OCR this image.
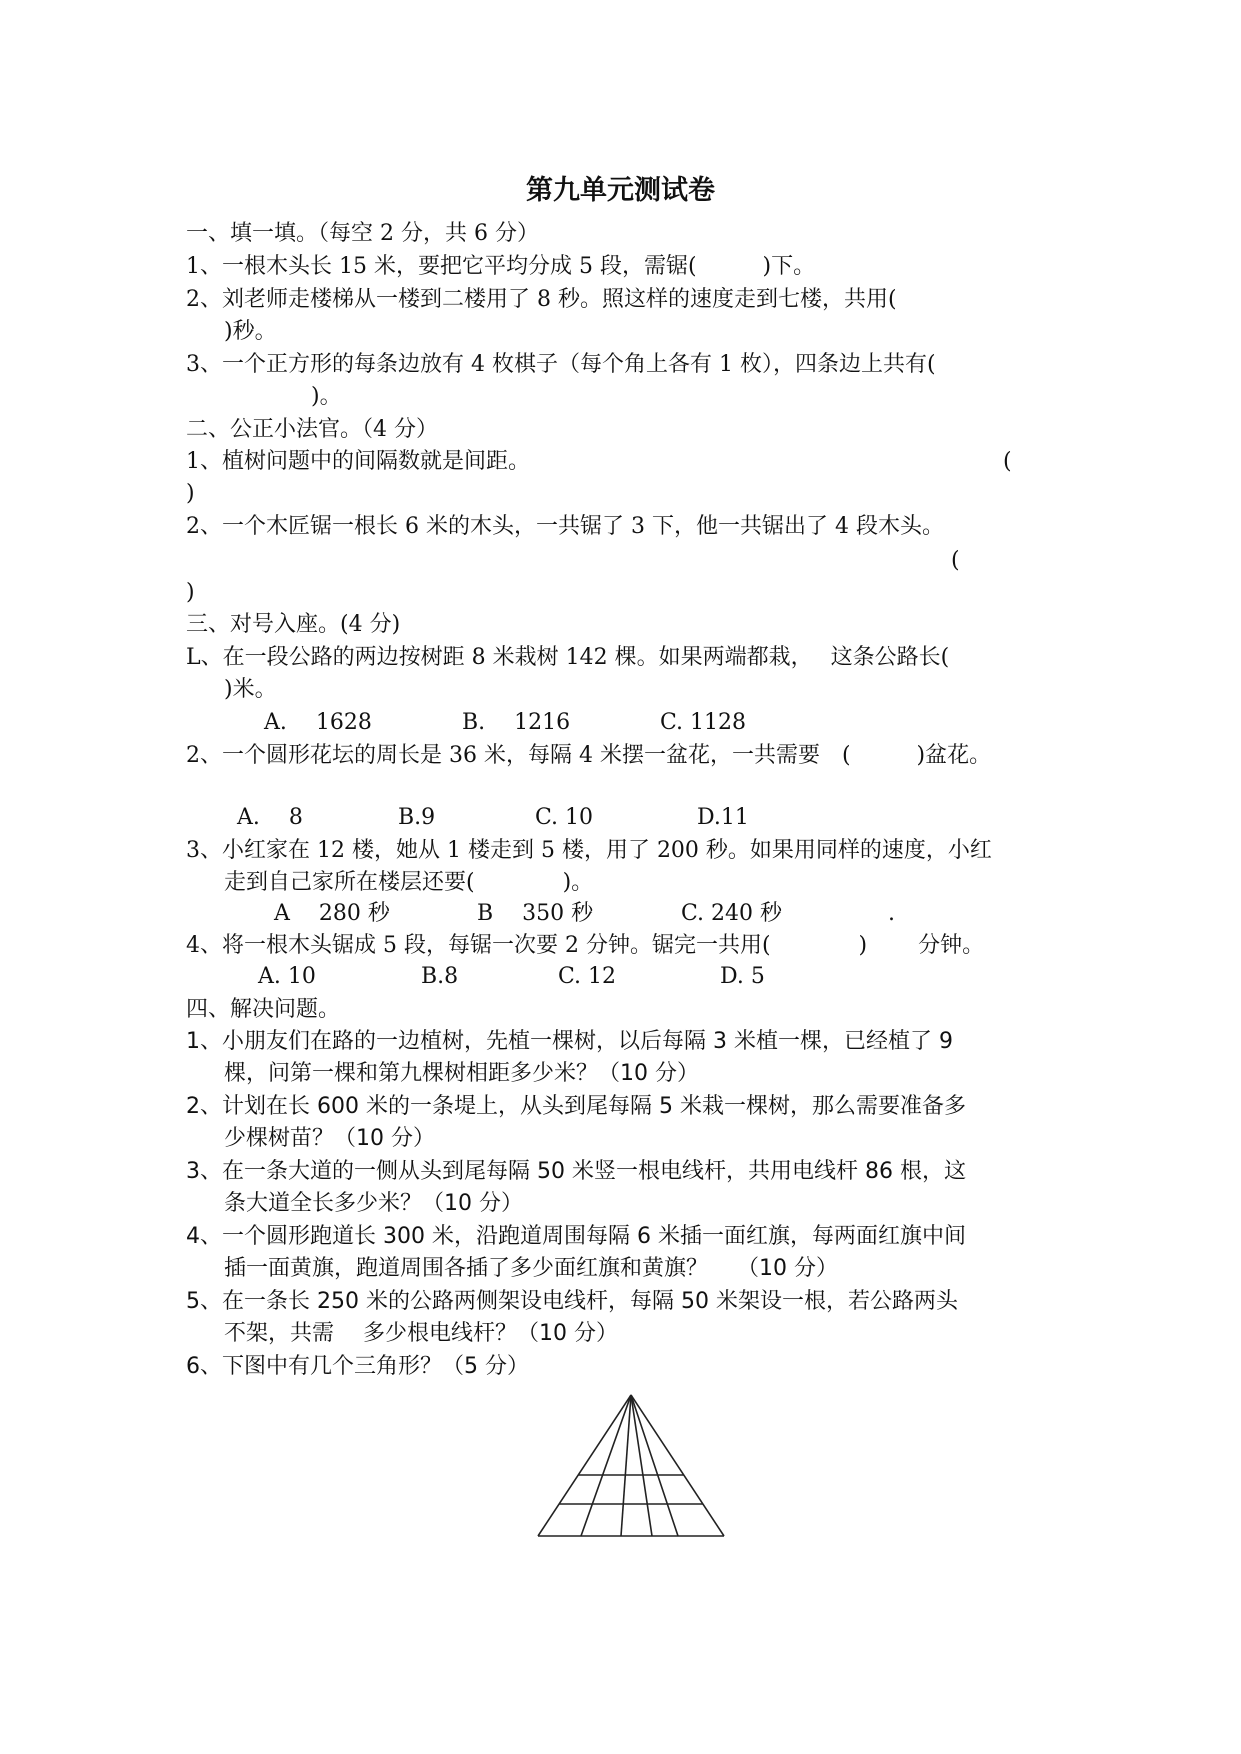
第九单元测试卷
一、填一填。（每空 2 分，共 6 分）
1、一根木头长 15 米，要把它平均分成 5 段，需锯(　　　)下。
2、刘老师走楼梯从一楼到二楼用了 8 秒。照这样的速度走到七楼，共用(
)秒。
3、一个正方形的每条边放有 4 枚棋子（每个角上各有 1 枚），四条边上共有(
)。
二、公正小法官。（4 分）
1、植树问题中的间隔数就是间距。	(
)
2、一个木匠锯一根长 6 米的木头，一共锯了 3 下，他一共锯出了 4 段木头。
(
)
三、对号入座。(4 分)
L、在一段公路的两边按树距 8 米栽树 142 棵。如果两端都栽，　 这条公路长(
)米。
A.　 1628	B.　 1216	C. 1128
2、一个圆形花坛的周长是 36 米，每隔 4 米摆一盆花，一共需要　(　　　)盆花。
A.　 8	B.9	C. 10	D.11
3、小红家在 12 楼，她从 1 楼走到 5 楼，用了 200 秒。如果用同样的速度，小红
走到自己家所在楼层还要(　　　　)。
A　 280 秒	B　 350 秒	C. 240 秒	.
4、将一根木头锯成 5 段，每锯一次要 2 分钟。锯完一共用(　　　　)　　 分钟。
A. 10	B.8	C. 12	D. 5
四、解决问题。
1、小朋友们在路的一边植树，先植一棵树，以后每隔 3 米植一棵，已经植了 9
棵，问第一棵和第九棵树相距多少米？（10 分）
2、计划在长 600 米的一条堤上，从头到尾每隔 5 米栽一棵树，那么需要准备多
少棵树苗？（10 分）
3、在一条大道的一侧从头到尾每隔 50 米竖一根电线杆，共用电线杆 86 根，这
条大道全长多少米？（10 分）
4、一个圆形跑道长 300 米，沿跑道周围每隔 6 米插一面红旗，每两面红旗中间
插一面黄旗，跑道周围各插了多少面红旗和黄旗？　 （10 分）
5、在一条长 250 米的公路两侧架设电线杆，每隔 50 米架设一根，若公路两头
不架，共需　 多少根电线杆？（10 分）
6、下图中有几个三角形？（5 分）
